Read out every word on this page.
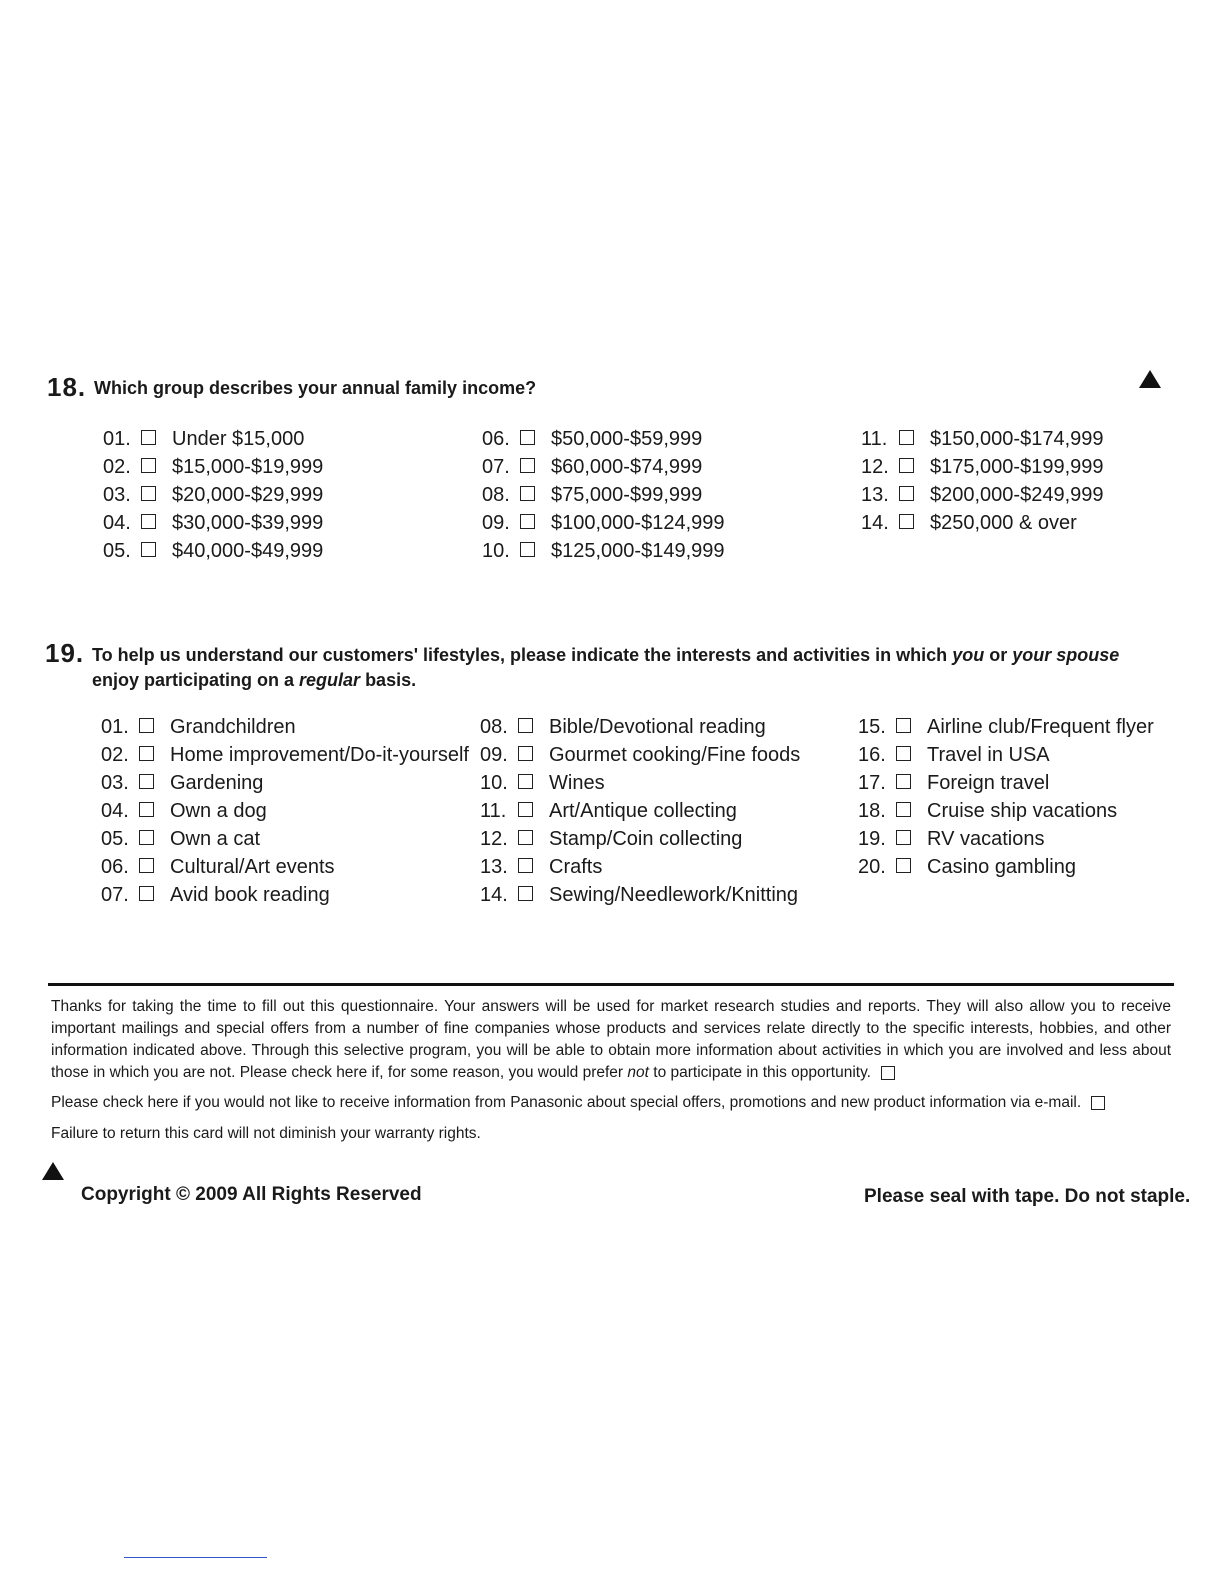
18. Which group describes your annual family income?
01. Under $15,000
02. $15,000-$19,999
03. $20,000-$29,999
04. $30,000-$39,999
05. $40,000-$49,999
06. $50,000-$59,999
07. $60,000-$74,999
08. $75,000-$99,999
09. $100,000-$124,999
10. $125,000-$149,999
11. $150,000-$174,999
12. $175,000-$199,999
13. $200,000-$249,999
14. $250,000 & over
19. To help us understand our customers' lifestyles, please indicate the interests and activities in which you or your spouse
enjoy participating on a regular basis.
01. Grandchildren
02. Home improvement/Do-it-yourself
03. Gardening
04. Own a dog
05. Own a cat
06. Cultural/Art events
07. Avid book reading
08. Bible/Devotional reading
09. Gourmet cooking/Fine foods
10. Wines
11. Art/Antique collecting
12. Stamp/Coin collecting
13. Crafts
14. Sewing/Needlework/Knitting
15. Airline club/Frequent flyer
16. Travel in USA
17. Foreign travel
18. Cruise ship vacations
19. RV vacations
20. Casino gambling
Thanks for taking the time to fill out this questionnaire. Your answers will be used for market research studies and reports. They will also allow you to receive important mailings and special offers from a number of fine companies whose products and services relate directly to the specific interests, hobbies, and other information indicated above. Through this selective program, you will be able to obtain more information about activities in which you are involved and less about those in which you are not. Please check here if, for some reason, you would prefer not to participate in this opportunity.
Please check here if you would not like to receive information from Panasonic about special offers, promotions and new product information via e-mail.
Failure to return this card will not diminish your warranty rights.
Copyright © 2009 All Rights Reserved	Please seal with tape. Do not staple.
